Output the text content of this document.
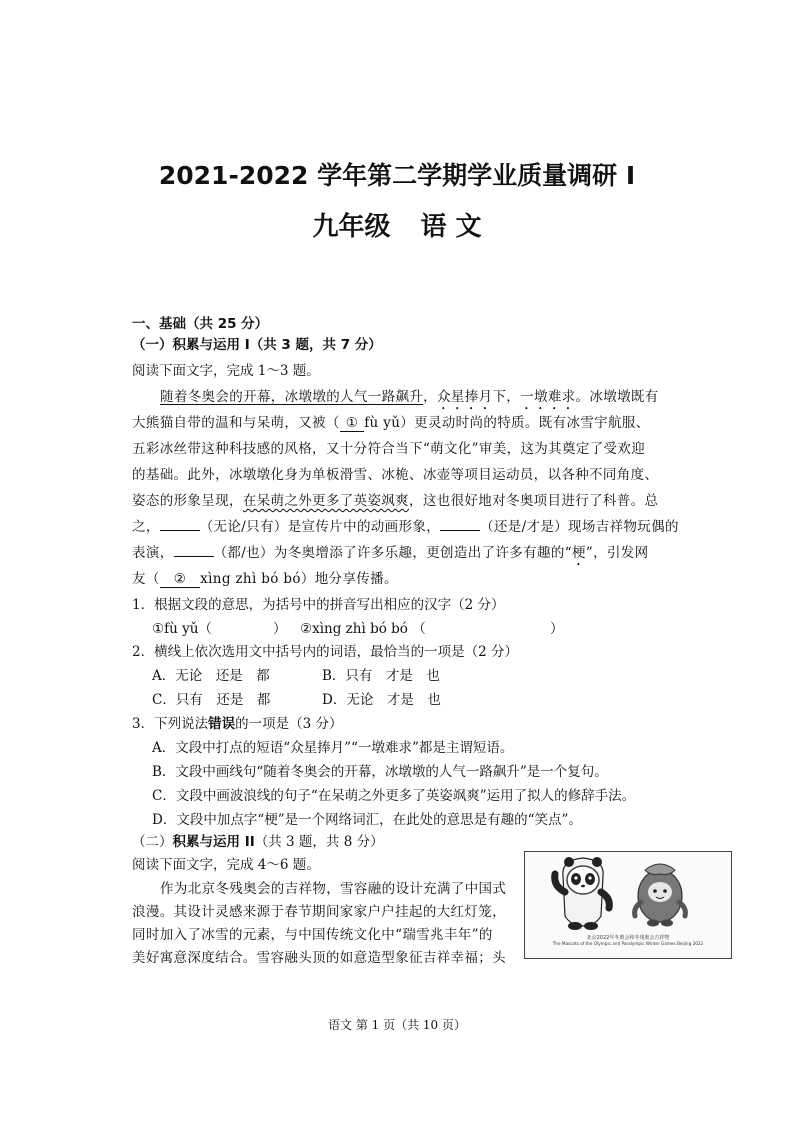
2021-2022 学年第二学期学业质量调研 I
九年级 语 文
一、基础（共 25 分）
（一）积累与运用 I（共 3 题，共 7 分）
阅读下面文字，完成 1～3 题。
随着冬奥会的开幕，冰墩墩的人气一路飙升，众星捧月下，一墩难求。冰墩墩既有
大熊猫自带的温和与呆萌，又被（ ① fù yǔ）更灵动时尚的特质。既有冰雪宇航服、
五彩冰丝带这种科技感的风格，又十分符合当下“萌文化”审美，这为其奠定了受欢迎
的基础。此外，冰墩墩化身为单板滑雪、冰桅、冰壶等项目运动员，以各种不同角度、
姿态的形象呈现，在呆萌之外更多了英姿飒爽，这也很好地对冬奥项目进行了科普。总
之，	（无论/只有）是宣传片中的动画形象，	（还是/才是）现场吉祥物玩偶的
表演，	（都/也）为冬奥增添了许多乐趣，更创造出了许多有趣的“梗”，引发网
友（ ② xìng zhì bó bó）地分享传播。
1．根据文段的意思，为括号中的拼音写出相应的汉字（2 分）
①fù yǔ（	） ②xìng zhì bó bó （	）
2．横线上依次选用文中括号内的词语，最恰当的一项是（2 分）
A．无论　还是　都	B．只有　才是　也
C．只有　还是　都	D．无论　才是　也
3．下列说法错误的一项是（3 分）
A．文段中打点的短语“众星捧月”“一墩难求”都是主谓短语。
B．文段中画线句“随着冬奥会的开幕，冰墩墩的人气一路飙升”是一个复句。
C．文段中画波浪线的句子“在呆萌之外更多了英姿飒爽”运用了拟人的修辞手法。
D．文段中加点字“梗”是一个网络词汇，在此处的意思是有趣的“笑点”。
（二）积累与运用 II（共 3 题，共 8 分）
阅读下面文字，完成 4～6 题。
作为北京冬残奥会的吉祥物，雪容融的设计充满了中国式
浪漫。其设计灵感来源于春节期间家家户户挂起的大红灯笼，
同时加入了冰雪的元素，与中国传统文化中“瑞雪兆丰年”的
美好寓意深度结合。雪容融头顶的如意造型象征吉祥幸福；头
北京2022年冬奥会和冬残奥会吉祥物
The Mascots of the Olympic and Paralympic Winter Games Beijing 2022
语文 第 1 页（共 10 页）
